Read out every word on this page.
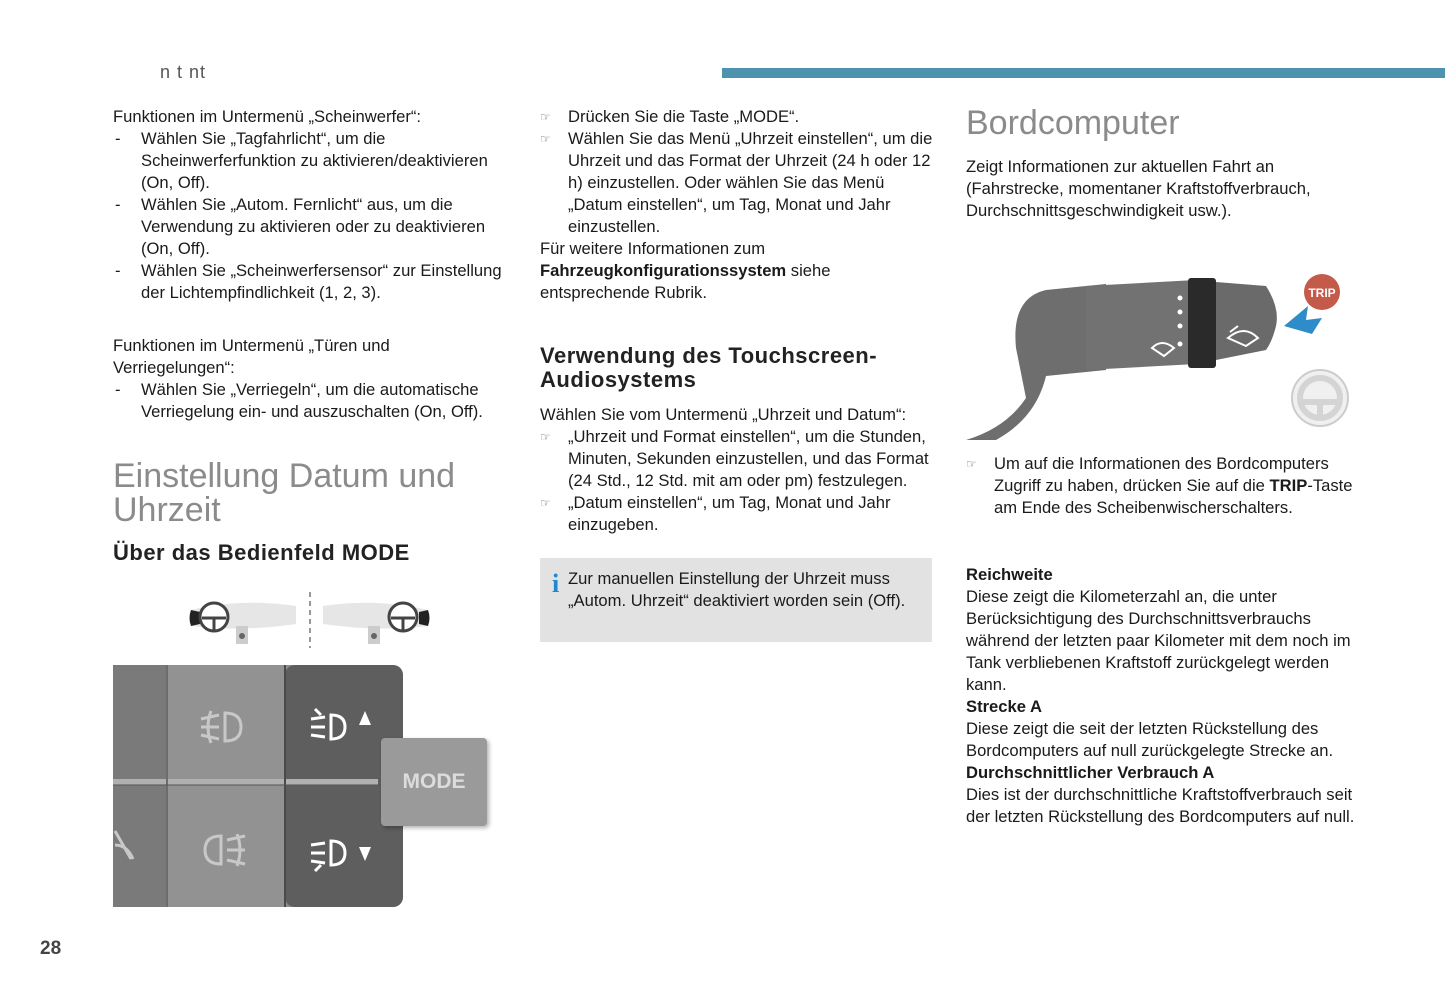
n t nt

Funktionen im Untermenü „Scheinwerfer“:

- Wählen Sie „Tagfahrlicht“, um die Scheinwerferfunktion zu aktivieren/deaktivieren (On, Off).

- Wählen Sie „Autom. Fernlicht“ aus, um die Verwendung zu aktivieren oder zu deaktivieren (On, Off).

- Wählen Sie „Scheinwerfersensor“ zur Einstellung der Lichtempfindlichkeit (1, 2, 3).

Funktionen im Untermenü „Türen und Verriegelungen“:

- Wählen Sie „Verriegeln“, um die automatische Verriegelung ein- und auszuschalten (On, Off).

Einstellung Datum und Uhrzeit
Über das Bedienfeld MODE
MODE

☞ Drücken Sie die Taste „MODE“.

☞ Wählen Sie das Menü „Uhrzeit einstellen“, um die Uhrzeit und das Format der Uhrzeit (24 h oder 12 h) einzustellen. Oder wählen Sie das Menü „Datum einstellen“, um Tag, Monat und Jahr einzustellen.

Für weitere Informationen zum
Fahrzeugkonfigurationssystem siehe entsprechende Rubrik.

Verwendung des Touchscreen-Audiosystems

Wählen Sie vom Untermenü „Uhrzeit und Datum“:

☞ „Uhrzeit und Format einstellen“, um die Stunden, Minuten, Sekunden einzustellen, und das Format (24 Std., 12 Std. mit am oder pm) festzulegen.

☞ „Datum einstellen“, um Tag, Monat und Jahr einzugeben.

i Zur manuellen Einstellung der Uhrzeit muss „Autom. Uhrzeit“ deaktiviert worden sein (Off).
Bordcomputer

Zeigt Informationen zur aktuellen Fahrt an (Fahrstrecke, momentaner Kraftstoffverbrauch, Durchschnittsgeschwindigkeit usw.).

TRIP

☞ Um auf die Informationen des Bordcomputers Zugriff zu haben, drücken Sie auf die TRIP-Taste am Ende des Scheibenwischerschalters.

Reichweite

Diese zeigt die Kilometerzahl an, die unter Berücksichtigung des Durchschnittsverbrauchs während der letzten paar Kilometer mit dem noch im Tank verbliebenen Kraftstoff zurückgelegt werden kann.

Strecke A

Diese zeigt die seit der letzten Rückstellung des Bordcomputers auf null zurückgelegte Strecke an.

Durchschnittlicher Verbrauch A

Dies ist der durchschnittliche Kraftstoffverbrauch seit der letzten Rückstellung des Bordcomputers auf null.

28
